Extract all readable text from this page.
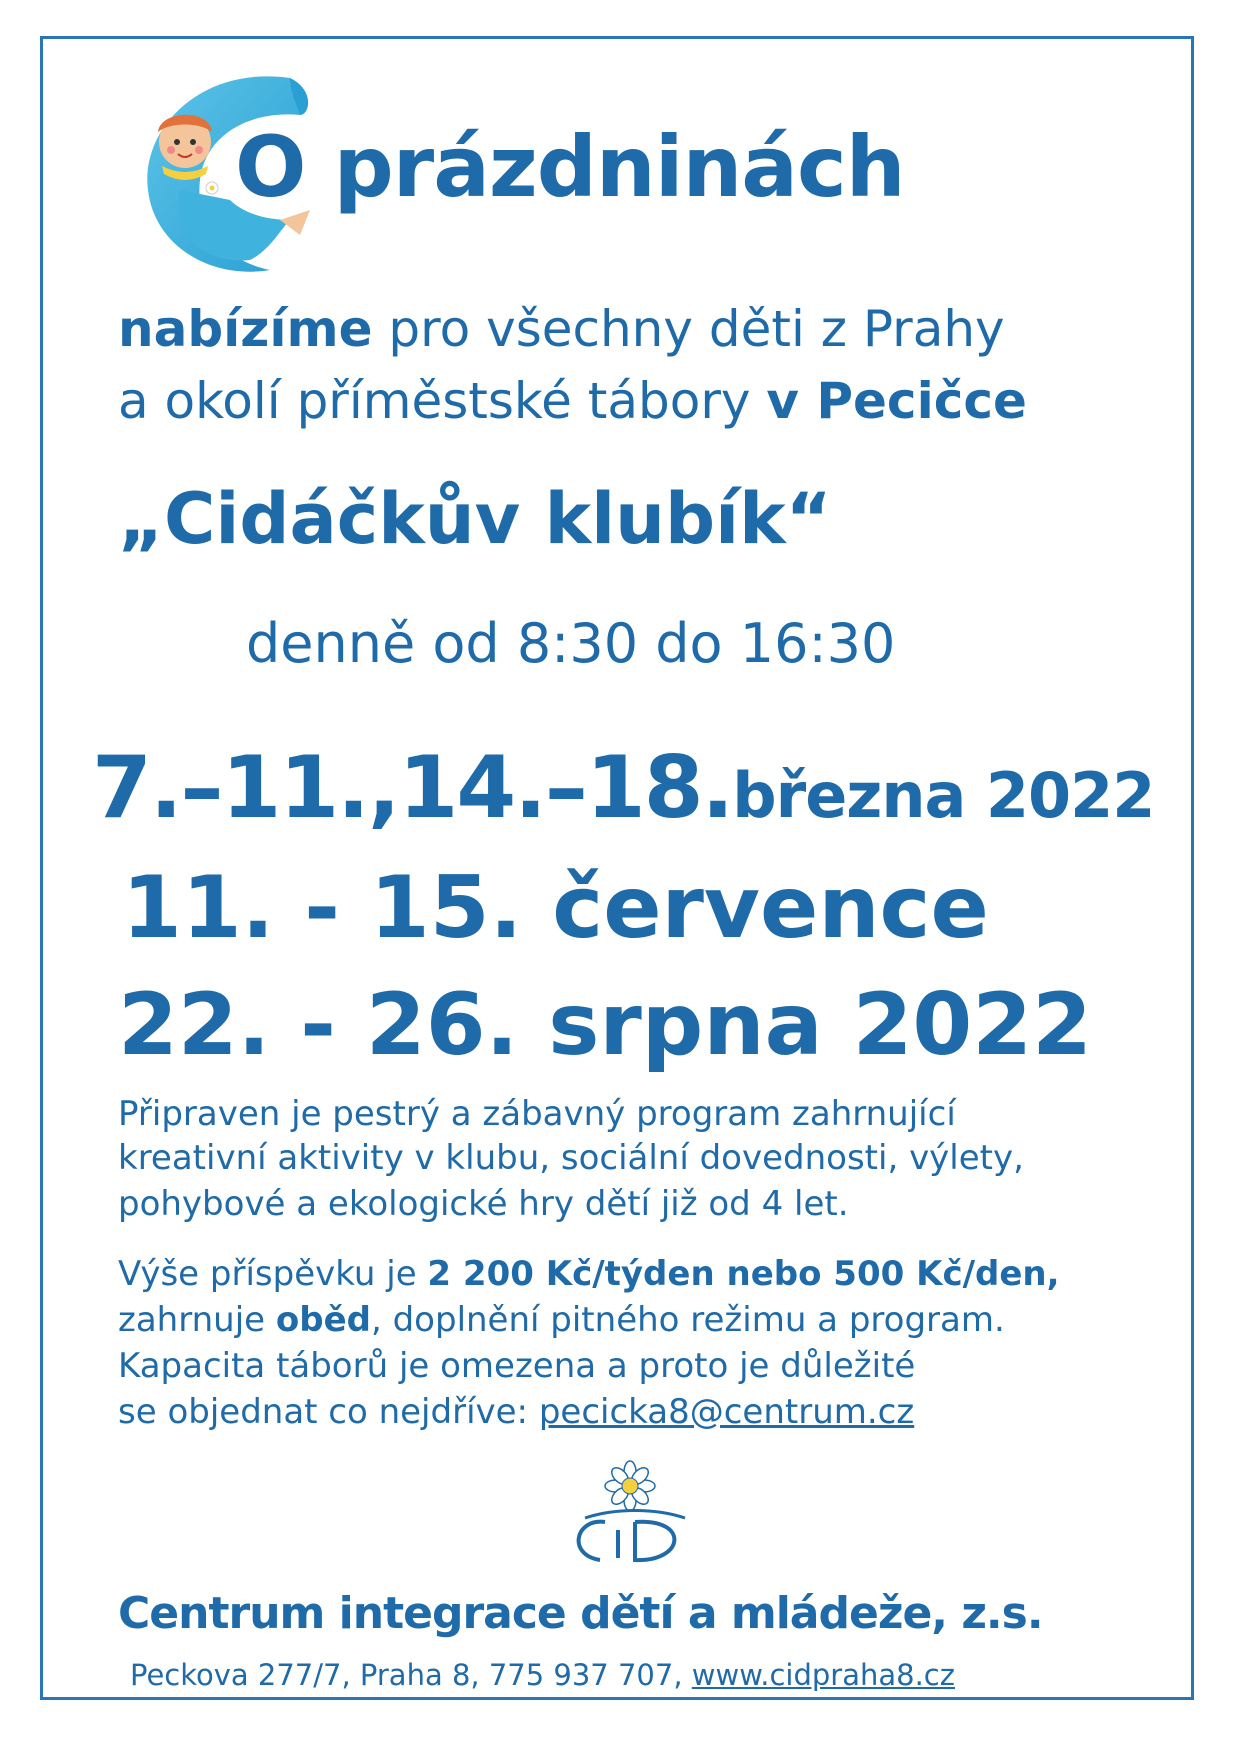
O prázdninách
nabízíme pro všechny děti z Prahy
a okolí příměstské tábory v Pecičce
„Cidáčkův klubík“
denně od 8:30 do 16:30
7.–11.,14.–18.března 2022
11. - 15. července
22. - 26. srpna 2022
Připraven je pestrý a zábavný program zahrnující
kreativní aktivity v klubu, sociální dovednosti, výlety,
pohybové a ekologické hry dětí již od 4 let.
Výše příspěvku je 2 200 Kč/týden nebo 500 Kč/den,
zahrnuje oběd, doplnění pitného režimu a program.
Kapacita táborů je omezena a proto je důležité
se objednat co nejdříve: pecicka8@centrum.cz
Centrum integrace dětí a mládeže, z.s.
Peckova 277/7, Praha 8, 775 937 707, www.cidpraha8.cz
